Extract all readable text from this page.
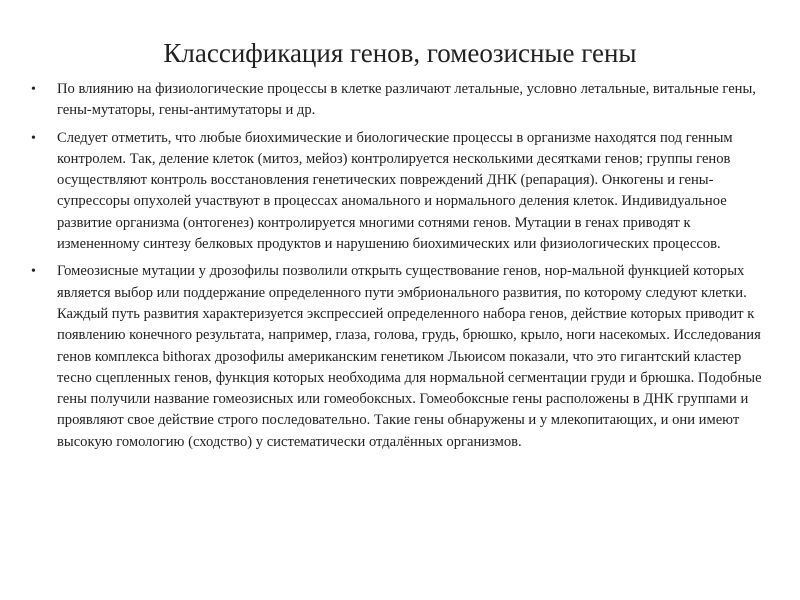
Классификация генов, гомеозисные гены
• По влиянию на физиологические процессы в клетке различают летальные, условно летальные, витальные гены, гены-мутаторы, гены-антимутаторы и др.
• Следует отметить, что любые биохимические и биологические процессы в организме находятся под генным контролем. Так, деление клеток (митоз, мейоз) контролируется несколькими десятками генов; группы генов осуществляют контроль восстановления генетических повреждений ДНК (репарация). Онкогены и гены-супрессоры опухолей участвуют в процессах аномального и нормального деления клеток. Индивидуальное развитие организма (онтогенез) контролируется многими сотнями генов. Мутации в генах приводят к измененному синтезу белковых продуктов и нарушению биохимических или физиологических процессов.
• Гомеозисные мутации у дрозофилы позволили открыть существование генов, нор-мальной функцией которых является выбор или поддержание определенного пути эмбрионального развития, по которому следуют клетки. Каждый путь развития характеризуется экспрессией определенного набора генов, действие которых приводит к появлению конечного результата, например, глаза, голова, грудь, брюшко, крыло, ноги насекомых. Исследования генов комплекса bithorax дрозофилы американским генетиком Льюисом показали, что это гигантский кластер тесно сцепленных генов, функция которых необходима для нормальной сегментации груди и брюшка. Подобные гены получили название гомеозисных или гомеобоксных. Гомеобоксные гены расположены в ДНК группами и проявляют свое действие строго последовательно. Такие гены обнаружены и у млекопитающих, и они имеют высокую гомологию (сходство) у систематически отдалённых организмов.
